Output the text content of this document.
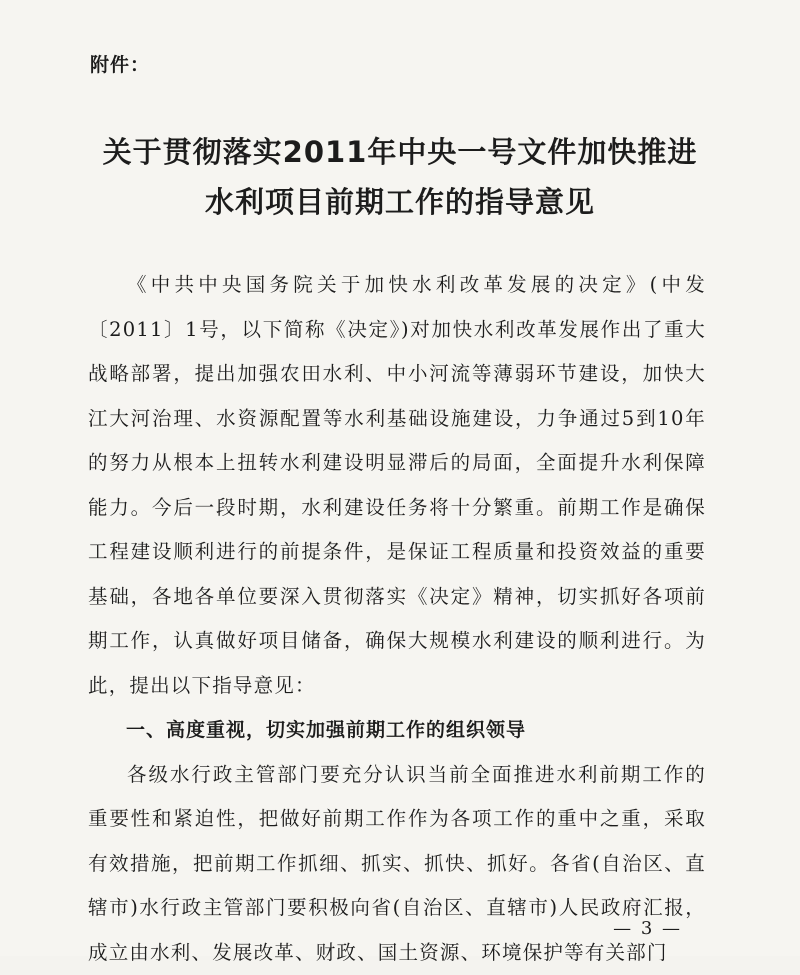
附件：
关于贯彻落实2011年中央一号文件加快推进
水利项目前期工作的指导意见

《中共中央国务院关于加快水利改革发展的决定》(中发〔2011〕1号，以下简称《决定》)对加快水利改革发展作出了重大战略部署，提出加强农田水利、中小河流等薄弱环节建设，加快大江大河治理、水资源配置等水利基础设施建设，力争通过5到10年的努力从根本上扭转水利建设明显滞后的局面，全面提升水利保障能力。今后一段时期，水利建设任务将十分繁重。前期工作是确保工程建设顺利进行的前提条件，是保证工程质量和投资效益的重要基础，各地各单位要深入贯彻落实《决定》精神，切实抓好各项前期工作，认真做好项目储备，确保大规模水利建设的顺利进行。为此，提出以下指导意见：

一、高度重视，切实加强前期工作的组织领导

各级水行政主管部门要充分认识当前全面推进水利前期工作的重要性和紧迫性，把做好前期工作作为各项工作的重中之重，采取有效措施，把前期工作抓细、抓实、抓快、抓好。各省(自治区、直辖市)水行政主管部门要积极向省(自治区、直辖市)人民政府汇报，成立由水利、发展改革、财政、国土资源、环境保护等有关部门

— 3 —
